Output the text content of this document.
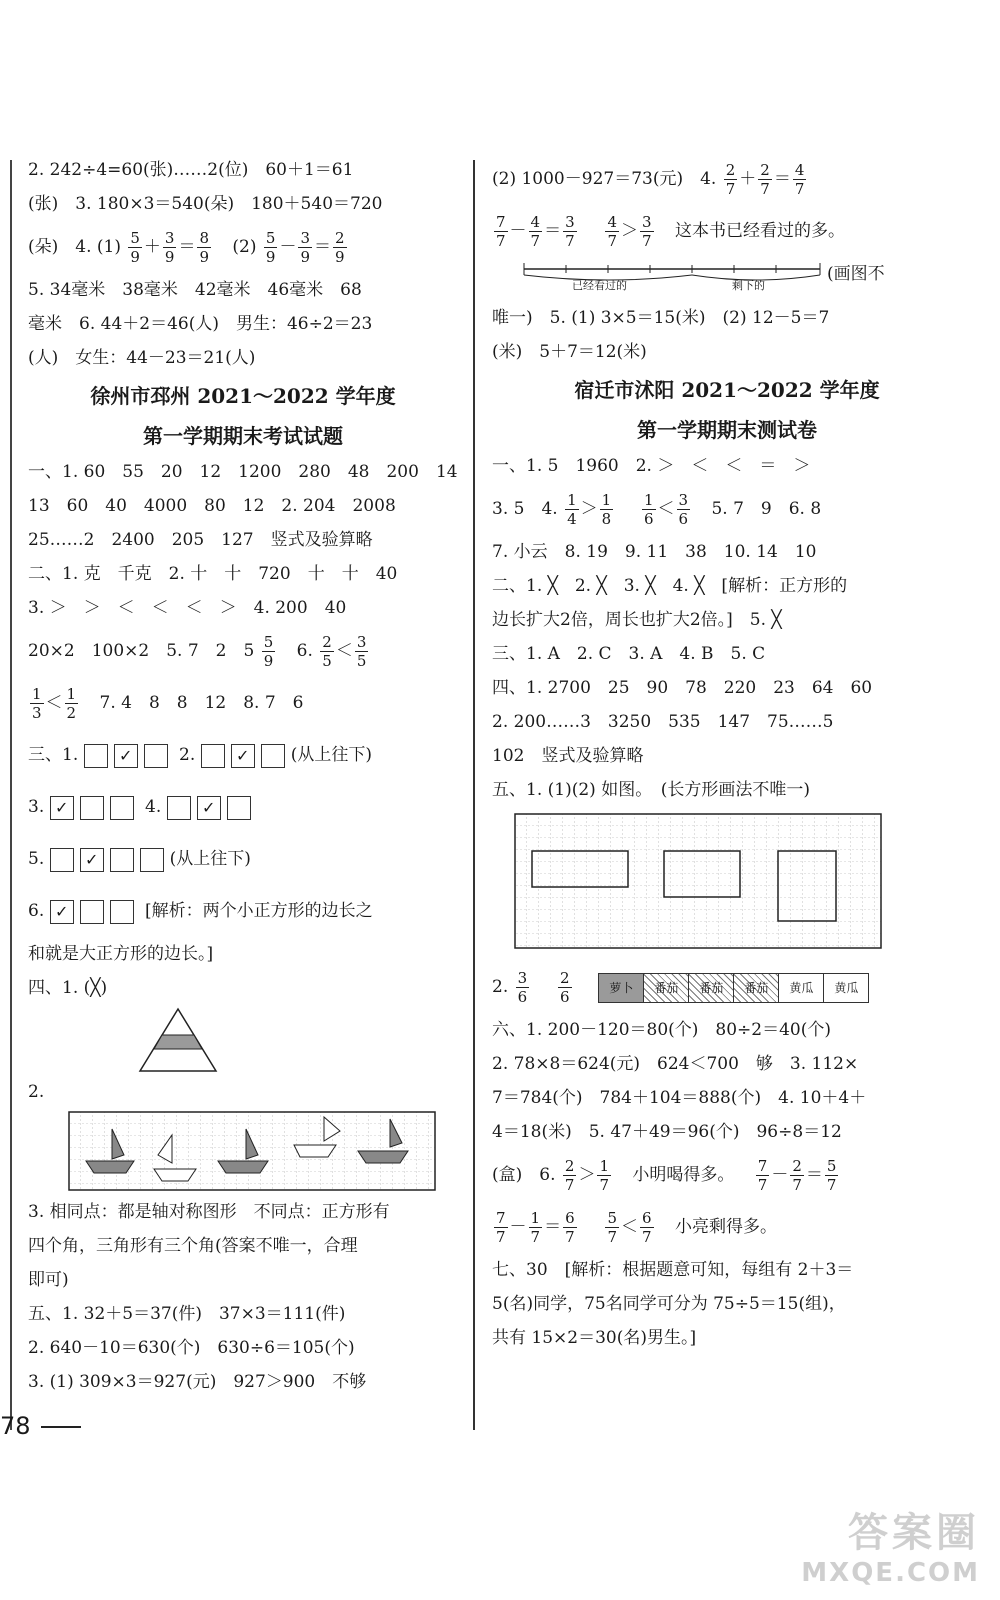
2. 242÷4=60(张)……2(位)　60＋1＝61
(张)　3. 180×3＝540(朵)　180＋540＝720
(朵)　4. $(1) \frac{5}{9} + \frac{3}{9} = \frac{8}{9} (2) \frac{5}{9} - \frac{3}{9} = \frac{2}{9}$
5. 34毫米　38毫米　42毫米　46毫米　68
毫米　6. 44＋2＝46(人)　男生：46÷2＝23
(人)　女生：44－23＝21(人)
徐州市邳州 2021～2022 学年度
第一学期期末考试试题
一、1. 60　55　20　12　1200　280　48　200　14
13　60　40　4000　80　12　2. 204　2008
25……2　2400　205　127　竖式及验算略
二、1. 克　千克　2. 十　十　720　十　十　40
3. ＞　＞　＜　＜　＜　＞　4. 200　40
20×2　100×2　5. 7　2　$5 \frac{5}{9} 6$. $\frac{2}{5} < \frac{3}{5}$
$\frac{1}{3} < \frac{1}{2} 7$. 4　8　8　12　8. 7　6
三、1.	✓	2.	✓ (从上往下)
3. ✓	4.	✓
5.	✓	(从上往下)
6. ✓	[解析：两个小正方形的边长之
和就是大正方形的边长。]
四、1. (╳)
2.
3. 相同点：都是轴对称图形　不同点：正方形有
四个角，三角形有三个角(答案不唯一，合理
即可)
五、1. 32＋5＝37(件)　37×3＝111(件)
2. 640－10＝630(个)　630÷6＝105(个)
3. (1) 309×3＝927(元)　927＞900　不够
(2) 1000－927＝73(元)　4. $\frac{2}{7} + \frac{2}{7} = \frac{4}{7}$
$\frac{7}{7} - \frac{4}{7} = \frac{3}{7}$
$\frac{4}{7} > \frac{3}{7}$ 这本书已经看过的多。
已经看过的	剩下的
(画图不
唯一)　5. (1) 3×5＝15(米)　(2) 12－5＝7
(米)　5＋7＝12(米)
宿迁市沭阳 2021～2022 学年度
第一学期期末测试卷
一、1. 5　1960　2. ＞　＜　＜　＝　＞
3. 5　4. $\frac{1}{4} > \frac{1}{8}$
$\frac{1}{6} < \frac{3}{6} 5$. 7　9　6. 8
7. 小云　8. 19　9. 11　38　10. 14　10
二、1. ╳　2. ╳　3. ╳　4. ╳　[解析：正方形的
边长扩大2倍，周长也扩大2倍。]　5. ╳
三、1. A　2. C　3. A　4. B　5. C
四、1. 2700　25　90　78　220　23　64　60
2. 200……3　3250　535　147　75……5
102　竖式及验算略
五、1. (1)(2) 如图。　(长方形画法不唯一)
2. $\frac{3}{6}$
$\frac{2}{6}$
	萝卜	番茄	番茄	番茄	黄瓜	黄瓜
六、1. 200－120＝80(个)　80÷2＝40(个)
2. 78×8＝624(元)　624＜700　够　3. 112×
7＝784(个)　784＋104＝888(个)　4. 10＋4＋
4＝18(米)　5. 47＋49＝96(个)　96÷8＝12
(盒)　6. $\frac{2}{7} > \frac{1}{7}$ 小明喝得多。 $\frac{7}{7} - \frac{2}{7} = \frac{5}{7}$
$\frac{7}{7} - \frac{1}{7} = \frac{6}{7}$
$\frac{5}{7} < \frac{6}{7}$ 小亮剩得多。
七、30　[解析：根据题意可知，每组有 2＋3＝
5(名)同学，75名同学可分为 75÷5＝15(组)，
共有 15×2＝30(名)男生。]
78
答案圈
MXQE.COM
